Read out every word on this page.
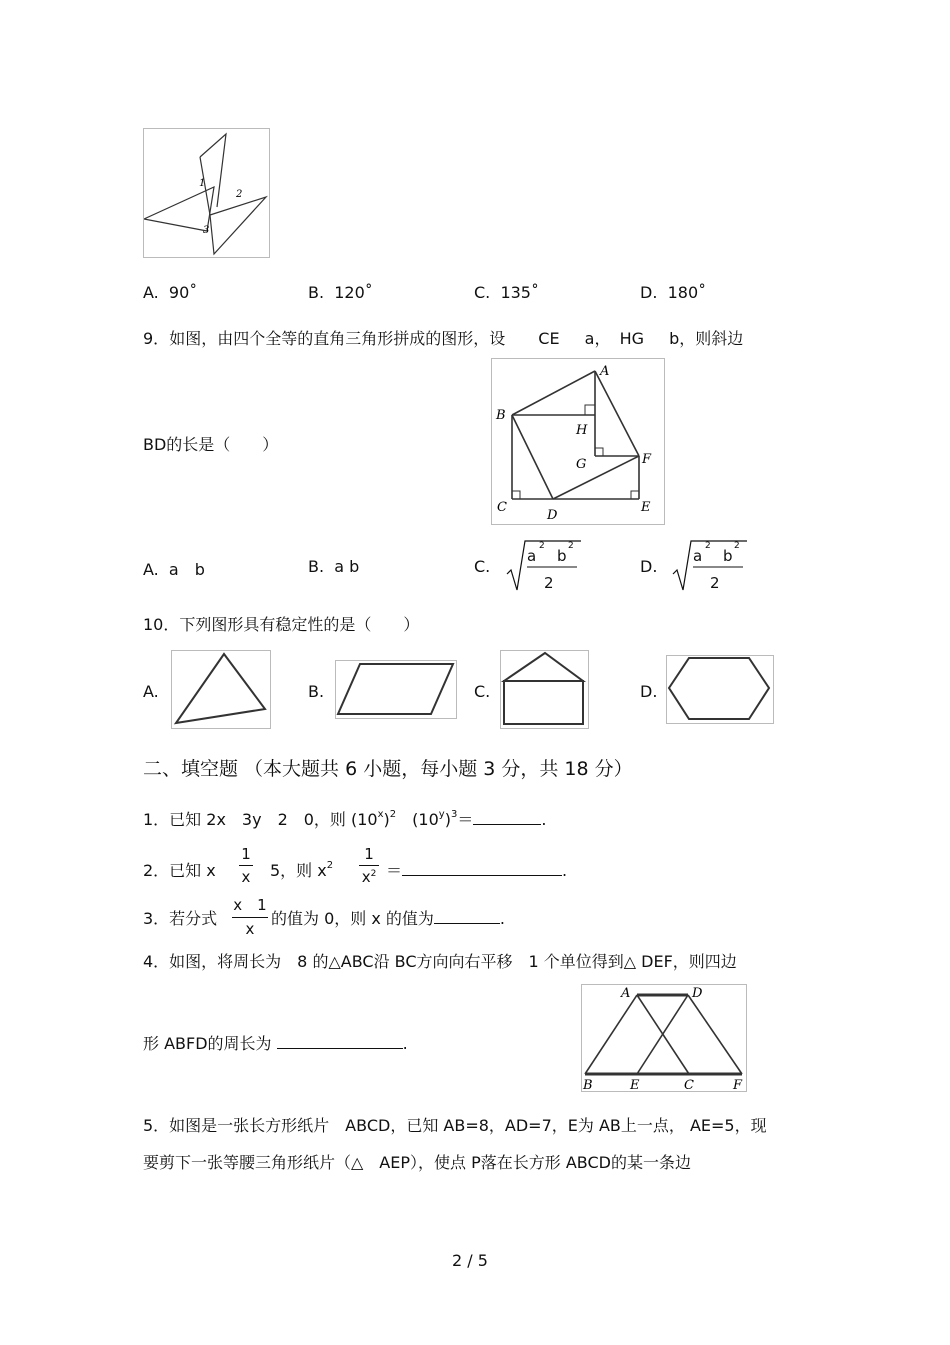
1
2
3
A. 90˚	B. 120˚	C. 135˚	D. 180˚
9．如图，由四个全等的直角三角形拼成的图形，设 CE a， HG b，则斜边
BD的长是（　　）
A
B
H
G	F
C
D
E
A. a　b	B. a b	C.
a
2
b
2
2
D.
a
2
b
2
2
10．下列图形具有稳定性的是（　　）
A.	B.	C.	D.
二、填空题 （本大题共 6 小题，每小题 3 分，共 18 分）
1．已知 2x　3y　2　0，则 $(10^x)^2$　$(10^y)^3=$	.
2．已知 x
1
x 5，则 $x^2$
1
$x^2$ ＝	.
3．若分式
x　1
x
的值为 0，则 x 的值为	.
4．如图，将周长为　8 的△ABC沿 BC方向向右平移　1 个单位得到△ DEF，则四边
形 ABFD的周长为	.
A	D
B	E	C	F
5．如图是一张长方形纸片　ABCD，已知 AB=8，AD=7，E为 AB上一点， AE=5，现
要剪下一张等腰三角形纸片（△　AEP），使点 P落在长方形 ABCD的某一条边
2 / 5
